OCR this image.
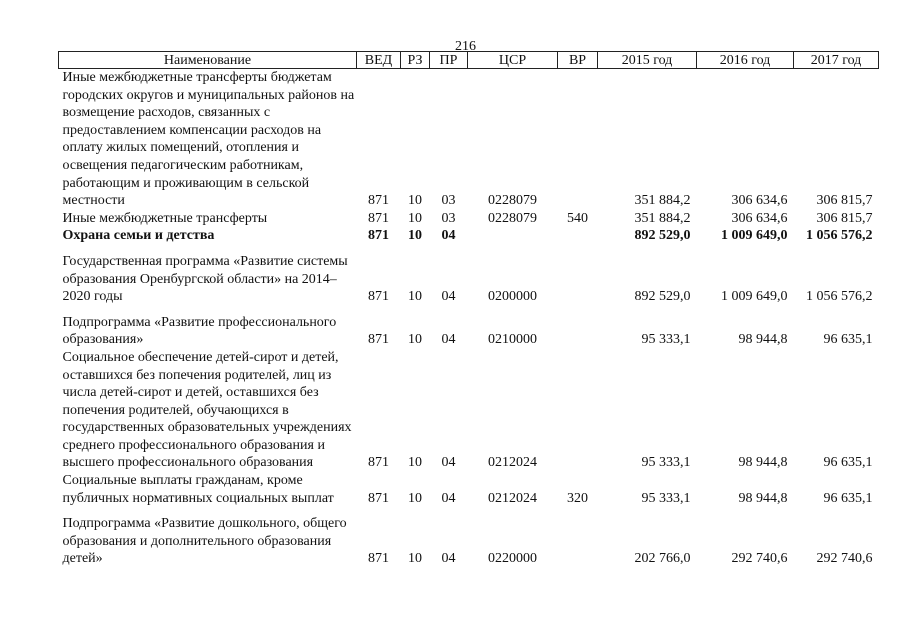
216
Наименование	ВЕД	РЗ	ПР	ЦСР	ВР	2015 год	2016 год	2017 год
Иные межбюджетные трансферты бюджетам городских округов и муниципальных районов на возмещение расходов, связанных с предоставлением компенсации расходов на оплату жилых помещений, отопления и освещения педагогическим работникам, работающим и проживающим в сельской местности	871	10	03	0228079		351 884,2	306 634,6	306 815,7
Иные межбюджетные трансферты	871	10	03	0228079	540	351 884,2	306 634,6	306 815,7
Охрана семьи и детства	871	10	04			892 529,0	1 009 649,0	1 056 576,2
Государственная программа «Развитие системы образования Оренбургской области» на 2014–2020 годы	871	10	04	0200000		892 529,0	1 009 649,0	1 056 576,2
Подпрограмма «Развитие профессионального образования»	871	10	04	0210000		95 333,1	98 944,8	96 635,1
Социальное обеспечение детей-сирот и детей, оставшихся без попечения родителей, лиц из числа детей-сирот и детей, оставшихся без попечения родителей, обучающихся в государственных образовательных учреждениях среднего профессионального образования и высшего профессионального образования	871	10	04	0212024		95 333,1	98 944,8	96 635,1
Социальные выплаты гражданам, кроме публичных нормативных социальных выплат	871	10	04	0212024	320	95 333,1	98 944,8	96 635,1
Подпрограмма «Развитие дошкольного, общего образования и дополнительного образования детей»	871	10	04	0220000		202 766,0	292 740,6	292 740,6
